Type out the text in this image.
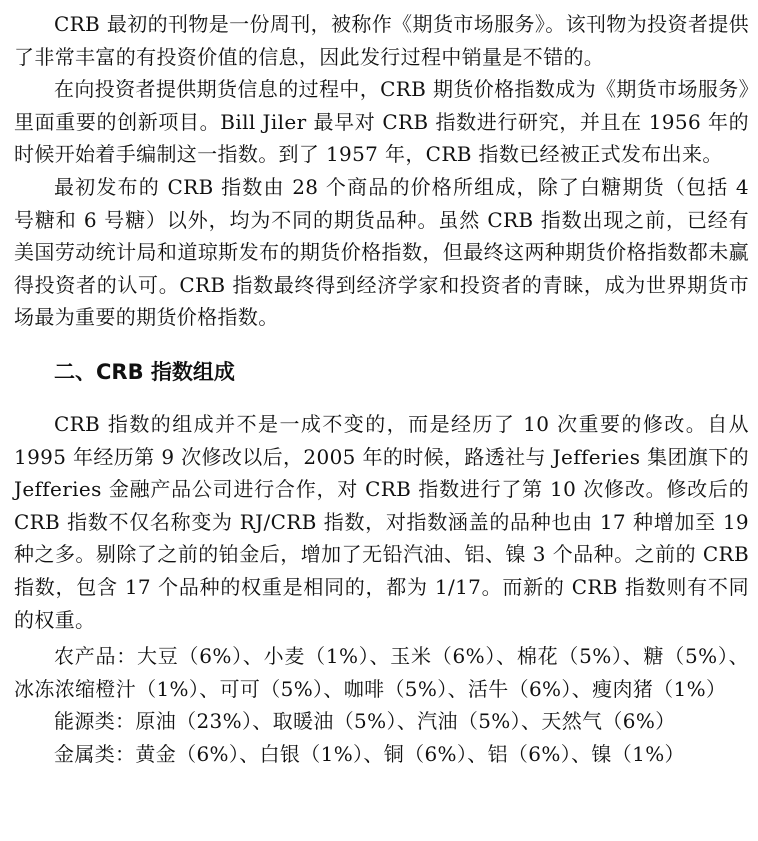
CRB 最初的刊物是一份周刊，被称作《期货市场服务》。该刊物为投资者提供了非常丰富的有投资价值的信息，因此发行过程中销量是不错的。

在向投资者提供期货信息的过程中，CRB 期货价格指数成为《期货市场服务》里面重要的创新项目。Bill Jiler 最早对 CRB 指数进行研究，并且在 1956 年的时候开始着手编制这一指数。到了 1957 年，CRB 指数已经被正式发布出来。

最初发布的 CRB 指数由 28 个商品的价格所组成，除了白糖期货（包括 4 号糖和 6 号糖）以外，均为不同的期货品种。虽然 CRB 指数出现之前，已经有美国劳动统计局和道琼斯发布的期货价格指数，但最终这两种期货价格指数都未赢得投资者的认可。CRB 指数最终得到经济学家和投资者的青睐，成为世界期货市场最为重要的期货价格指数。

二、CRB 指数组成

CRB 指数的组成并不是一成不变的，而是经历了 10 次重要的修改。自从 1995 年经历第 9 次修改以后，2005 年的时候，路透社与 Jefferies 集团旗下的 Jefferies 金融产品公司进行合作，对 CRB 指数进行了第 10 次修改。修改后的 CRB 指数不仅名称变为 RJ/CRB 指数，对指数涵盖的品种也由 17 种增加至 19 种之多。剔除了之前的铂金后，增加了无铅汽油、铝、镍 3 个品种。之前的 CRB 指数，包含 17 个品种的权重是相同的，都为 1/17。而新的 CRB 指数则有不同的权重。

农产品：大豆（6%）、小麦（1%）、玉米（6%）、棉花（5%）、糖（5%）、冰冻浓缩橙汁（1%）、可可（5%）、咖啡（5%）、活牛（6%）、瘦肉猪（1%）

能源类：原油（23%）、取暖油（5%）、汽油（5%）、天然气（6%）

金属类：黄金（6%）、白银（1%）、铜（6%）、铝（6%）、镍（1%）
